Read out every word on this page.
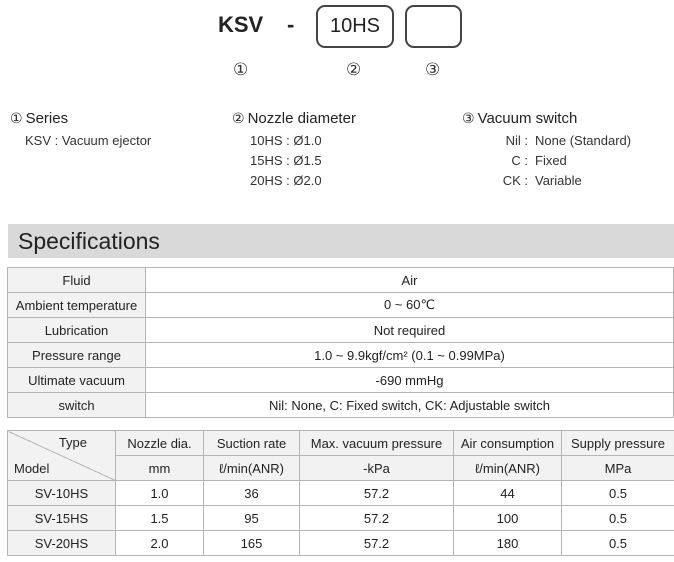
KSV - 10HS
①	②	③
① Series
KSV : Vacuum ejector
② Nozzle diameter
10HS : Ø1.0
15HS : Ø1.5
20HS : Ø2.0
③ Vacuum switch
Nil : None (Standard)
C : Fixed
CK : Variable
Specifications
Fluid	Air
Ambient temperature	0 ~ 60℃
Lubrication	Not required
Pressure range	1.0 ~ 9.9kgf/cm² (0.1 ~ 0.99MPa)
Ultimate vacuum	-690 mmHg
switch	Nil: None, C: Fixed switch, CK: Adjustable switch
Type
Model	Nozzle dia.	Suction rate	Max. vacuum pressure	Air consumption	Supply pressure
	mm	ℓ/min(ANR)	-kPa	ℓ/min(ANR)	MPa
SV-10HS	1.0	36	57.2	44	0.5
SV-15HS	1.5	95	57.2	100	0.5
SV-20HS	2.0	165	57.2	180	0.5
